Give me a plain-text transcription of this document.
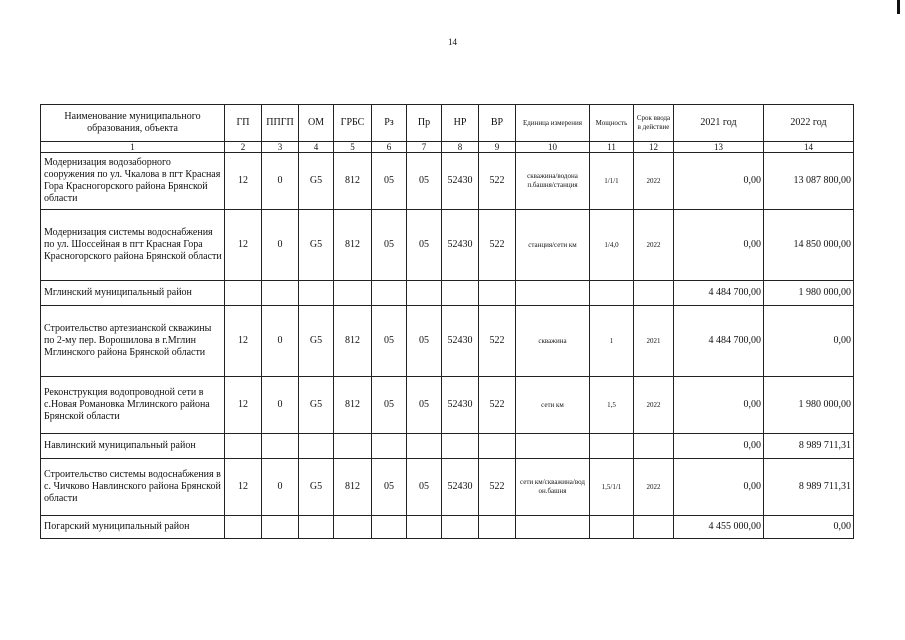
14
Наименование муниципального образования, объекта	ГП	ППГП	ОМ	ГРБС	Рз	Пр	НР	ВР	Единица измерения	Мощность	Срок ввода в действие	2021 год	2022 год
1	2	3	4	5	6	7	8	9	10	11	12	13	14
Модернизация водозаборного сооружения по ул. Чкалова в пгт Красная Гора Красногорского района Брянской области	12	0	G5	812	05	05	52430	522	скважина/водона п.башня/станция	1/1/1	2022	0,00	13 087 800,00
Модернизация системы водоснабжения по ул. Шоссейная в пгт Красная Гора Красногорского района Брянской области	12	0	G5	812	05	05	52430	522	станция/сети км	1/4,0	2022	0,00	14 850 000,00
Мглинский муниципальный район												4 484 700,00	1 980 000,00
Строительство артезианской скважины по 2-му пер. Ворошилова в г.Мглин Мглинского района Брянской области	12	0	G5	812	05	05	52430	522	скважина	1	2021	4 484 700,00	0,00
Реконструкция водопроводной сети в с.Новая Романовка Мглинского района Брянской области	12	0	G5	812	05	05	52430	522	сети км	1,5	2022	0,00	1 980 000,00
Навлинский муниципальный район												0,00	8 989 711,31
Строительство системы водоснабжения в с. Чичково Навлинского района Брянской области	12	0	G5	812	05	05	52430	522	сети км/скважина/вод он.башня	1,5/1/1	2022	0,00	8 989 711,31
Погарский муниципальный район												4 455 000,00	0,00
